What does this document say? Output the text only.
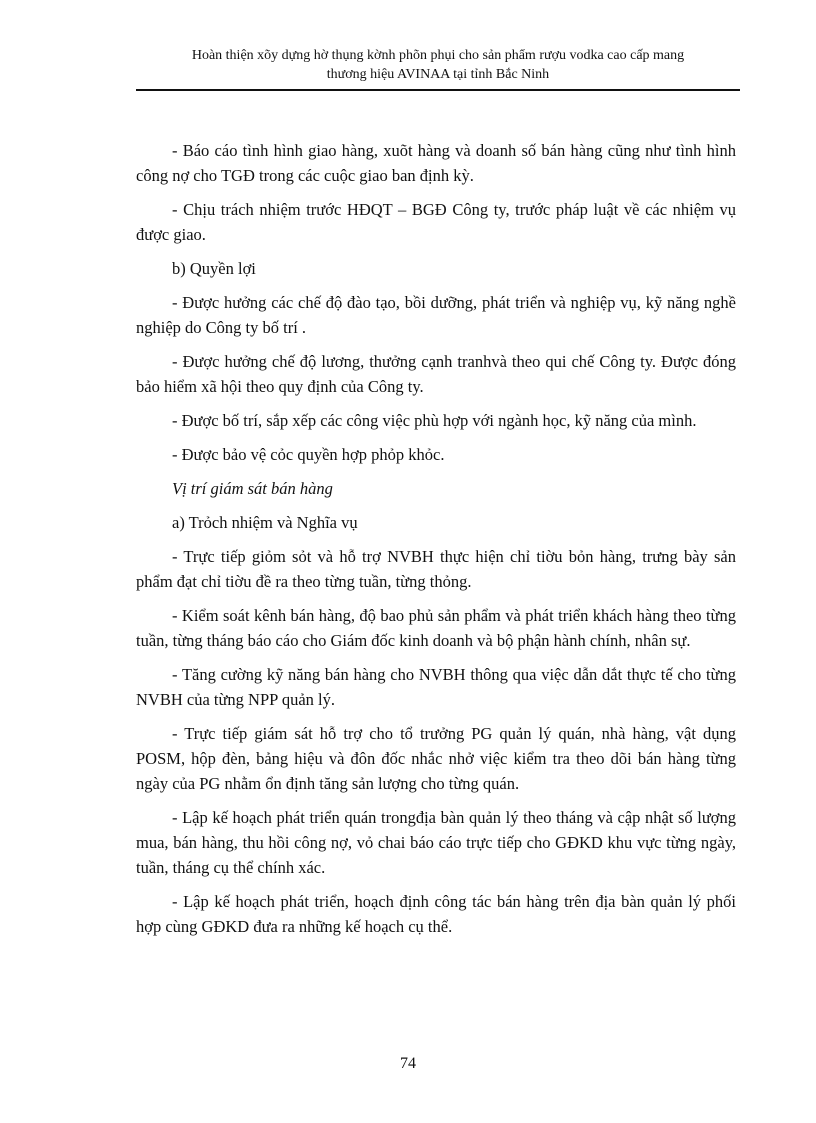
Hoàn thiện xõy dựng hờ thụng kờnh phõn phụi cho sản phẩm rượu vodka cao cấp mang
thương hiệu AVINAA tại tỉnh Bắc Ninh

- Báo cáo tình hình giao hàng, xuõt hàng và doanh số bán hàng cũng như tình hình công nợ cho TGĐ trong các cuộc giao ban định kỳ.

- Chịu trách nhiệm trước HĐQT – BGĐ Công ty, trước pháp luật về các nhiệm vụ được giao.

b) Quyền lợi

- Được hưởng các chế độ đào tạo, bồi dưỡng, phát triển và nghiệp vụ, kỹ năng nghề nghiệp do Công ty bố trí .

- Được hưởng chế độ lương, thưởng cạnh tranhvà theo qui chế Công ty. Được đóng bảo hiểm xã hội theo quy định của Công ty.

- Được bố trí, sắp xếp các công việc phù hợp với ngành học, kỹ năng của mình.

- Được bảo vệ cỏc quyền hợp phỏp khỏc.

Vị trí giám sát bán hàng

a) Trỏch nhiệm và Nghĩa vụ

- Trực tiếp giỏm sỏt và hỗ trợ NVBH thực hiện chỉ tiờu bỏn hàng, trưng bày sản phẩm đạt chỉ tiờu đề ra theo từng tuần, từng thỏng.

- Kiểm soát kênh bán hàng, độ bao phủ sản phẩm và phát triển khách hàng theo từng tuần, từng tháng báo cáo cho Giám đốc kinh doanh và bộ phận hành chính, nhân sự.

- Tăng cường kỹ năng bán hàng cho NVBH thông qua việc dẫn dắt thực tế cho từng NVBH của từng NPP quản lý.

- Trực tiếp giám sát hỗ trợ cho tổ trưởng PG quản lý quán, nhà hàng, vật dụng POSM, hộp đèn, bảng hiệu và đôn đốc nhắc nhở việc kiểm tra theo dõi bán hàng từng ngày của PG nhằm ổn định tăng sản lượng cho từng quán.

- Lập kế hoạch phát triển quán trongđịa bàn quản lý theo tháng và cập nhật số lượng mua, bán hàng, thu hồi công nợ, vỏ chai báo cáo trực tiếp cho GĐKD khu vực từng ngày, tuần, tháng cụ thể chính xác.

- Lập kế hoạch phát triển, hoạch định công tác bán hàng trên địa bàn quản lý phối hợp cùng GĐKD đưa ra những kế hoạch cụ thể.

74
